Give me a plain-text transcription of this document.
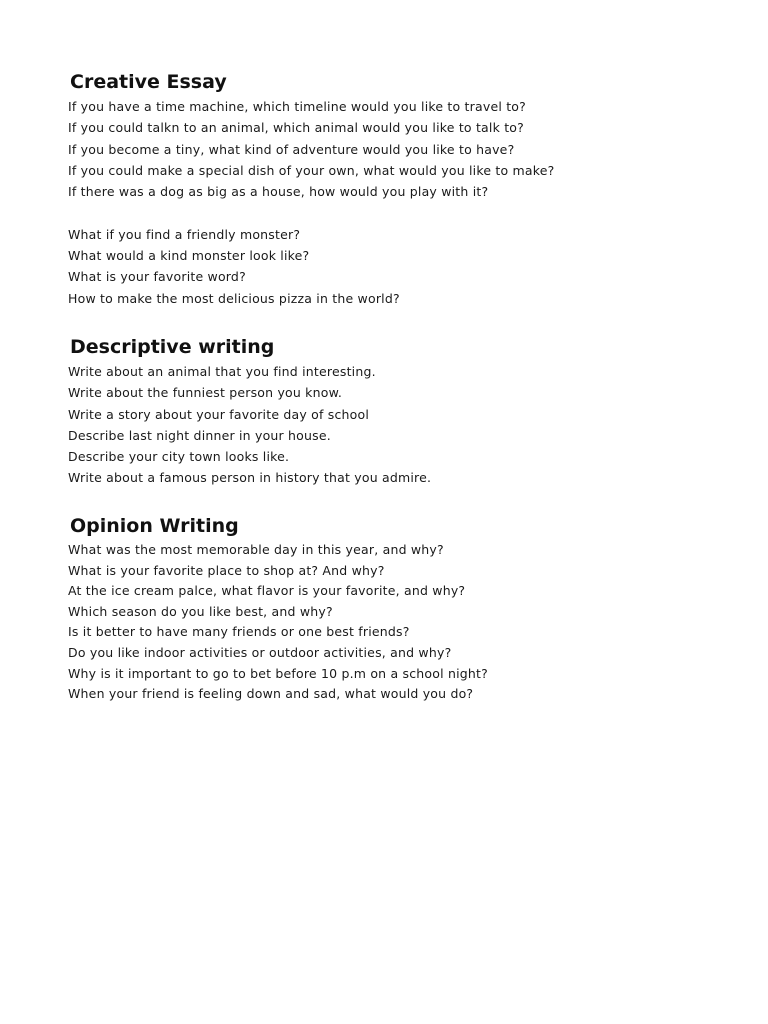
Creative Essay
If you have a time machine, which timeline would you like to travel to?
If you could talkn to an animal, which animal would you like to talk to?
If you become a tiny, what kind of adventure would you like to have?
If you could make a special dish of your own, what would you like to make?
If there was a dog as big as a house, how would you play with it?
What if you find a friendly monster?
What would a kind monster look like?
What is your favorite word?
How to make the most delicious pizza in the world?
Descriptive writing
Write about an animal that you find interesting.
Write about the funniest person you know.
Write a story about your favorite day of school
Describe last night dinner in your house.
Describe your city town looks like.
Write about a famous person in history that you admire.
Opinion Writing
What was the most memorable day in this year, and why?
What is your favorite place to shop at? And why?
At the ice cream palce, what flavor is your favorite, and why?
Which season do you like best, and why?
Is it better to have many friends or one best friends?
Do you like indoor activities or outdoor activities, and why?
Why is it important to go to bet before 10 p.m on a school night?
When your friend is feeling down and sad, what would you do?
